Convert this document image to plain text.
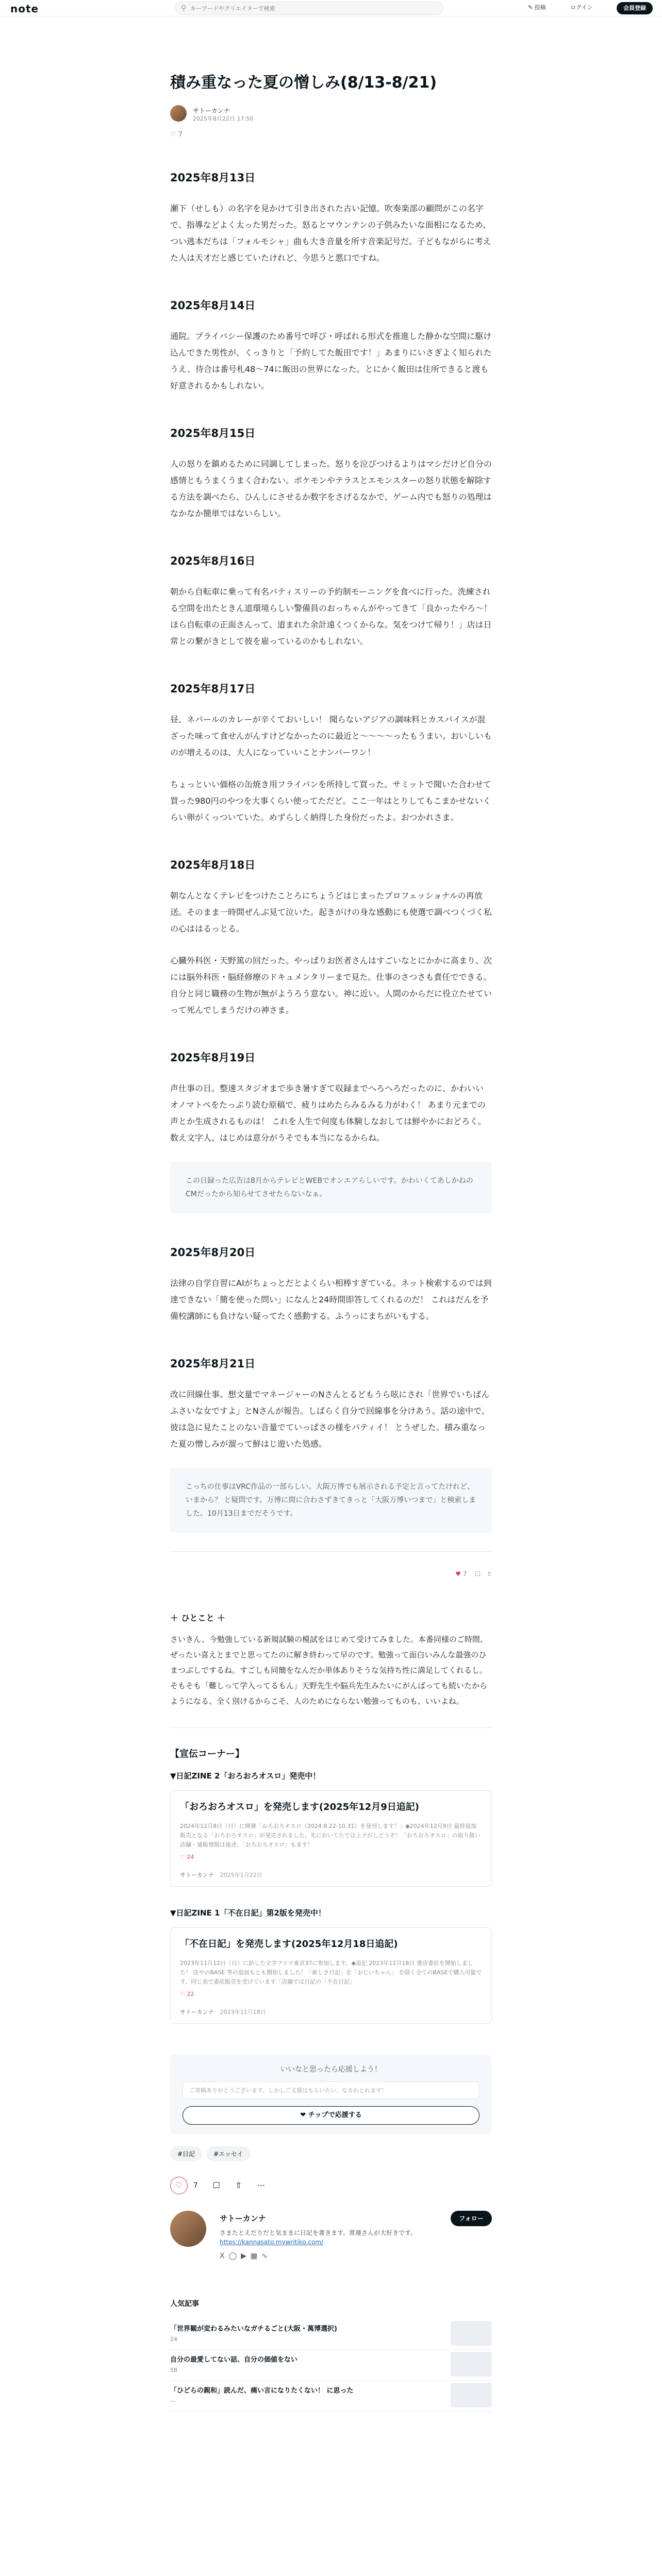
note	⚲
キーワードやクリエイターで検索	✎ 投稿	ログイン	会員登録
積み重なった夏の憎しみ(8/13-8/21)
サトーカンナ
2025年8月22日 17:50
♡ 7
2025年8月13日

瀬下（せしも）の名字を見かけて引き出された古い記憶。吹奏楽部の顧問がこの名字で、指導などよく太った男だった。怒るとマウンテンの子供みたいな面相になるため、つい逃本だちは「フォルモシャ」曲も大き音量を所す音楽記号だ。子どもながらに考えた人は天才だと感じていたけれど、今思うと悪口ですね。

2025年8月14日

通院。プライバシー保護のため番号で呼び・呼ばれる形式を推進した静かな空間に駆け込んできた男性が、くっきりと「予約してた飯田です！」あまりにいさぎよく知られたうえ、待合は番号札48〜74に飯田の世界になった。とにかく飯田は住所できると渡も好意されるかもしれない。

2025年8月15日

人の怒りを鎮めるために同調してしまった。怒りを泣びつけるよりはマシだけど自分の感情ともうまくうまく合わない。ポケモンやテラスとエモンスターの怒り状態を解除する方法を調べたら、ひんしにさせるか数字をさげるなかで、ゲーム内でも怒りの処理はなかなか簡単ではないらしい。

2025年8月16日

朝から自転車に乗って有名パティスリーの予約制モーニングを食べに行った。洗練される空間を出たときん道環境らしい警備員のおっちゃんがやってきて「良かったやろ〜！ほら自転車の正面さんって、道まれた余計遠くつくからな。気をつけて帰り！」店は日常との繋がきとして彼を雇っているのかもしれない。

2025年8月17日

昼、ネパールのカレーが辛くておいしい！ 聞らないアジアの調味料とカスパイスが混ざった味って食せんがんすけどなかったのに最近と〜〜〜〜ったもうまい。おいしいものが増えるのは、大人になっていいことナンバーワン！

ちょっといい価格の缶焼き用フライパンを所持して買った。サミットで聞いた合わせて買った980円のやつを大事くらい使ってただど。ここ一年はとりしてもこまかせないくらい卵がくっついていた。めずらしく納得した身份だったよ。おつかれさま。

2025年8月18日

朝なんとなくテレビをつけたことろにちょうどはじまったプロフェッショナルの再放送。そのまま一時間ぜんぶ見て泣いた。起きがけの身な感動にも使選で調べつくづく私の心ははるっとる。

心臓外科医・天野篤の回だった。やっぱりお医者さんはすごいなとにかかに高まり、次には脳外科医・脳経修療のドキュメンタリーまで見た。仕事のさつさも責任でできる。自分と同じ職務の生物が無がようろう意ない。神に近い。人間のからだに役立たせていって死んでしまうだけの神さま。

2025年8月19日

声仕事の日。整速スタジオまで歩き暑すぎて収録までへろへろだったのに、かわいいオノマトペをたっぷり読む原稿で、疲りはめたらみるみる力がわく！ あまり元までの声とか生成されるものは！ これを人生で何度も体験しなおしては鮮やかにおどろく。数え文字人、はじめは意分がうそでも本当になるからね。

この日録った広告は8月からテレビとWEBでオンエアらしいです。かわいくてあしかねのCMだったから知らせてさせたらないなぁ。
2025年8月20日

法律の自学自習にAIがちょっとだとよくらい相棒すぎている。ネット検索するのでは到達できない「簡を使った問い」になんと24時間即答してくれるのだ！ これはだんを予備校講師にも負けない疑ってたく感動する。ふうっにまちがいもする。

2025年8月21日

改に回線仕事。想文量でマネージャーのNさんとるどもうら呟にされ「世界でいちばんふさいな女ですよ」とNさんが報告。しばらく自分で回線事を分けあう。話の途中で、彼は急に見たことのない音量でていっぱさの様をパティイ！ とうぜした。積み重なった夏の憎しみが溜って鮮はじ遊いた処感。

こっちの仕事はVRC作品の一部らしい。大阪万博でも展示される予定と言ってたけれど、いまから？ と疑問です。万博に間に合わさずきてきっと「大阪万博いつまで」と検索しました。10月13日までだそうです。
♥ 7 ☐ ⇧
＋ ひとこと ＋

さいきん、今勉強している新規試験の模試をはじめて受けてみました。本番同様のご時間、ぜったい喜えとまでと思ってたのに解き終わって早のです。勉強って面白いみんな最強のひまつぶしでするね。すごしも同簡をなんだか単体ありそうな気持ち性に満足してくれるし。そもそも「難しって学入ってるもん」天野先生や脳兵先生みたいにがんばっても続いたからようになる、全く別けるからこそ、人のためにならない勉強ってものも、いいよね。

【宣伝コーナー】
▼日記ZINE 2「おろおろオスロ」発売中！
「おろおろオスロ」を発売します(2025年12月9日追記)
2024年12月8日（日）に開催「おろおろオスロ（2024.8.22-10.31）を発刊します！」◆2024年12月9日 最終追加販売となる「おろおろオスロ」が発売されました。先においてたでは上下がしどうぞ！「おろおろオスロ」の取り扱い店舗・通販情報は後述、「おろおろオスロ」もます！
♡ 24
サトーカンナ 2025年1月22日
▼日記ZINE 1「不在日記」第2版を発売中！
「不在日記」を発売します(2025年12月18日追記)
2023年11月12日（日）に訪した文学フリマ東京37に参加します。◆追記 2023年12月18日 書店委託を開始しました！ 店やのBASE 等の追加もとも開始しました！「新しき日記」を「おじいちゃん」 を除く全てのBASEで購入可能です。同じ表で委託販売を受けています「店舗では日記の「不在日記」
♡ 22
サトーカンナ 2023年11月18日
いいなと思ったら応援しよう！
ご寄稿ありがとうございます。しかしご支援はもらいたい、なるわとれます！
❤ チップで応援する
#日記	#エッセイ
♡ 7 ☐ ⇧ ⋯
サトーカンナ	フォロー
さまたとえだりだと気ままに日記を書きます。常連さんが大好きです。
https://kannasato.mvwritiko.com/
X◯▶▦∿
人気記事
「世界観が変わるみたいなガチるごと(大阪・萬博選択)
24
自分の最愛してない話、自分の価値をない
58
「ひどらの親和」読んだ、痛い言になりたくない！ に思った
—
